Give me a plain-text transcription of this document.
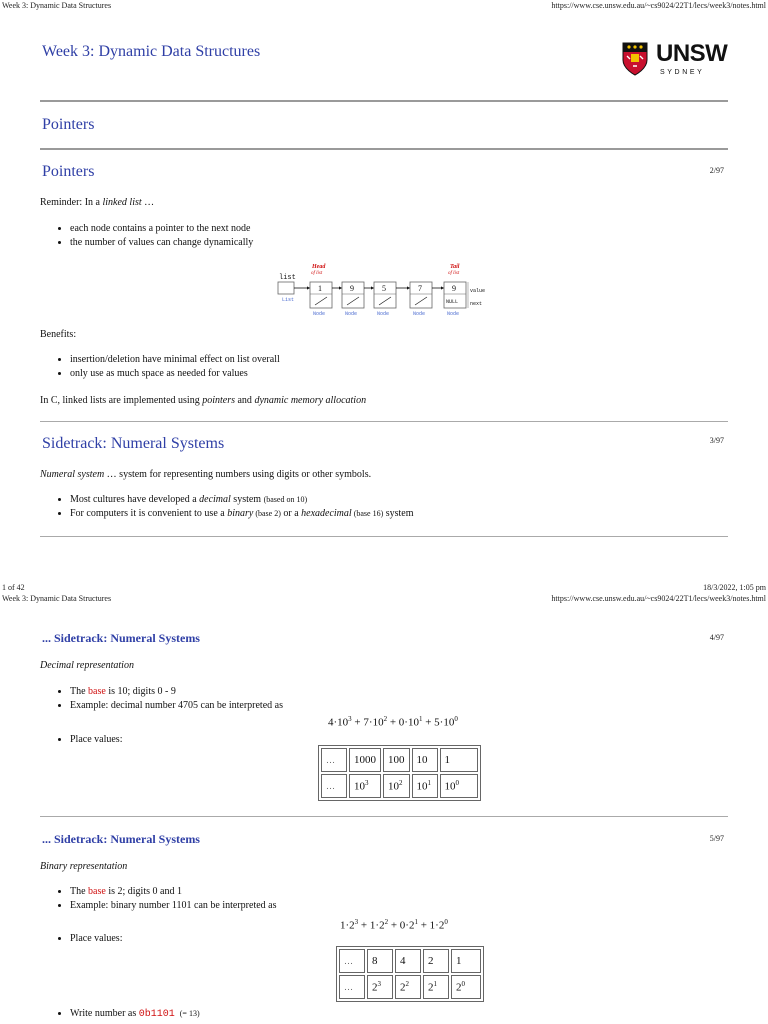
Week 3: Dynamic Data Structures	https://www.cse.unsw.edu.au/~cs9024/22T1/lecs/week3/notes.html
Week 3: Dynamic Data Structures	UNSW
SYDNEY
Pointers
Pointers	2/97
Reminder: In a linked list …
• each node contains a pointer to the next node
• the number of values can change dynamically
list
List
Head
of list
Tail
of list
1
Node
9
Node
5
Node
7
Node
9
NULL
Node
value
next
Benefits:
• insertion/deletion have minimal effect on list overall
• only use as much space as needed for values
In C, linked lists are implemented using pointers and dynamic memory allocation
Sidetrack: Numeral Systems	3/97
Numeral system … system for representing numbers using digits or other symbols.
• Most cultures have developed a decimal system (based on 10)
• For computers it is convenient to use a binary (base 2) or a hexadecimal (base 16) system
1 of 42	18/3/2022, 1:05 pm
Week 3: Dynamic Data Structures	https://www.cse.unsw.edu.au/~cs9024/22T1/lecs/week3/notes.html
... Sidetrack: Numeral Systems	4/97
Decimal representation
• The base is 10; digits 0 - 9
• Example: decimal number 4705 can be interpreted as
$4\cdot 10^3 + 7\cdot 10^2 + 0\cdot 10^1 + 5\cdot 10^0$
• Place values:
…	1000	100	10	1
…	$10^3$	$10^2$	$10^1$	$10^0$
... Sidetrack: Numeral Systems	5/97
Binary representation
• The base is 2; digits 0 and 1
• Example: binary number 1101 can be interpreted as
$1\cdot 2^3 + 1\cdot 2^2 + 0\cdot 2^1 + 1\cdot 2^0$
• Place values:
…	8	4	2	1
…	$2^3$	$2^2$	$2^1$	$2^0$
• Write number as 0b1101 (= 13)
